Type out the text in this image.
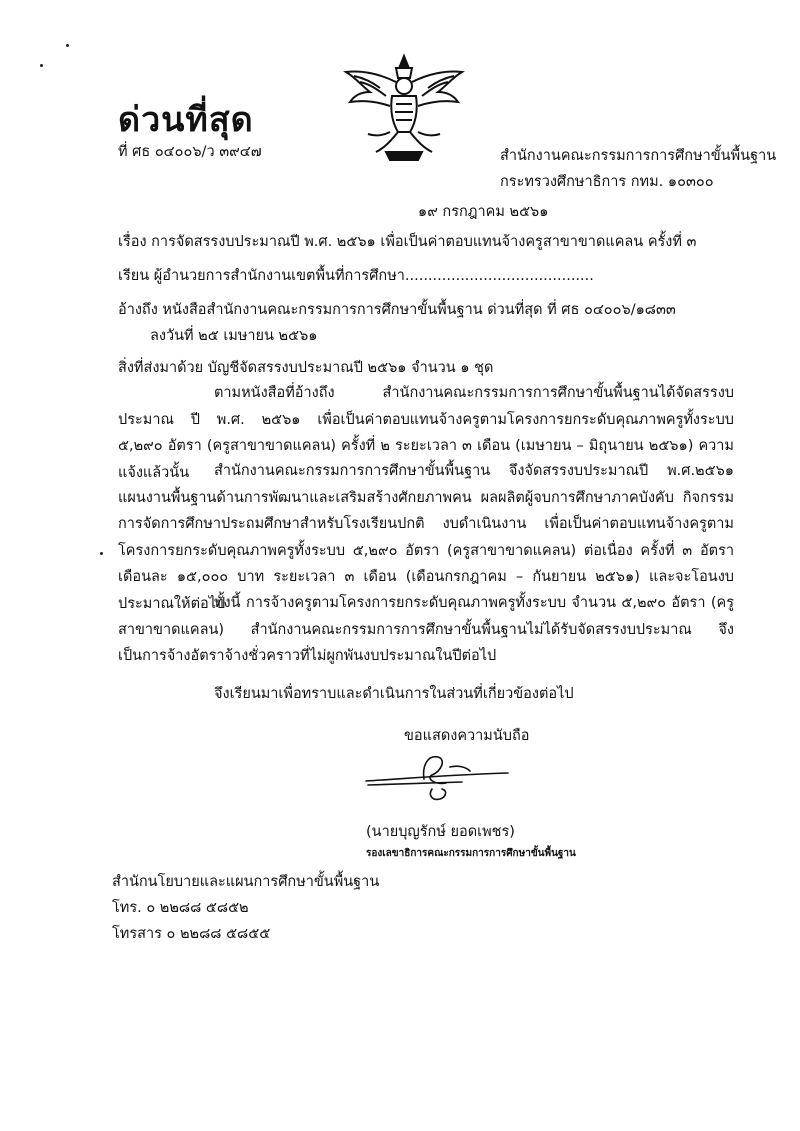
ด่วนที่สุด
ที่ ศธ ๐๔๐๐๖/ว ๓๙๔๗	สำนักงานคณะกรรมการการศึกษาขั้นพื้นฐาน
กระทรวงศึกษาธิการ กทม. ๑๐๓๐๐
๑๙ กรกฎาคม ๒๕๖๑
เรื่อง การจัดสรรงบประมาณปี พ.ศ. ๒๕๖๑ เพื่อเป็นค่าตอบแทนจ้างครูสาขาขาดแคลน ครั้งที่ ๓
เรียน ผู้อำนวยการสำนักงานเขตพื้นที่การศึกษา.........................................
อ้างถึง หนังสือสำนักงานคณะกรรมการการศึกษาขั้นพื้นฐาน ด่วนที่สุด ที่ ศธ ๐๔๐๐๖/๑๘๓๓
ลงวันที่ ๒๕ เมษายน ๒๕๖๑
สิ่งที่ส่งมาด้วย บัญชีจัดสรรงบประมาณปี ๒๕๖๑ จำนวน ๑ ชุด
ตามหนังสือที่อ้างถึง สำนักงานคณะกรรมการการศึกษาขั้นพื้นฐานได้จัดสรรงบประมาณ ปี พ.ศ. ๒๕๖๑ เพื่อเป็นค่าตอบแทนจ้างครูตามโครงการยกระดับคุณภาพครูทั้งระบบ ๕,๒๙๐ อัตรา (ครูสาขาขาดแคลน) ครั้งที่ ๒ ระยะเวลา ๓ เดือน (เมษายน – มิถุนายน ๒๕๖๑) ความแจ้งแล้วนั้น	สำนักงานคณะกรรมการการศึกษาขั้นพื้นฐาน จึงจัดสรรงบประมาณปี พ.ศ.๒๕๖๑ แผนงานพื้นฐานด้านการพัฒนาและเสริมสร้างศักยภาพคน ผลผลิตผู้จบการศึกษาภาคบังคับ กิจกรรมการจัดการศึกษาประถมศึกษาสำหรับโรงเรียนปกติ งบดำเนินงาน เพื่อเป็นค่าตอบแทนจ้างครูตามโครงการยกระดับคุณภาพครูทั้งระบบ ๕,๒๙๐ อัตรา (ครูสาขาขาดแคลน) ต่อเนื่อง ครั้งที่ ๓ อัตราเดือนละ ๑๕,๐๐๐ บาท ระยะเวลา ๓ เดือน (เดือนกรกฎาคม – กันยายน ๒๕๖๑) และจะโอนงบประมาณให้ต่อไป
ทั้งนี้ การจ้างครูตามโครงการยกระดับคุณภาพครูทั้งระบบ จำนวน ๕,๒๙๐ อัตรา (ครูสาขาขาดแคลน) สำนักงานคณะกรรมการการศึกษาขั้นพื้นฐานไม่ได้รับจัดสรรงบประมาณ จึงเป็นการจ้างอัตราจ้างชั่วคราวที่ไม่ผูกพันงบประมาณในปีต่อไป
จึงเรียนมาเพื่อทราบและดำเนินการในส่วนที่เกี่ยวข้องต่อไป
ขอแสดงความนับถือ
(นายบุญรักษ์ ยอดเพชร)
รองเลขาธิการคณะกรรมการการศึกษาขั้นพื้นฐาน
สำนักนโยบายและแผนการศึกษาขั้นพื้นฐาน
โทร. ๐ ๒๒๘๘ ๕๘๕๒
โทรสาร ๐ ๒๒๘๘ ๕๘๕๕
